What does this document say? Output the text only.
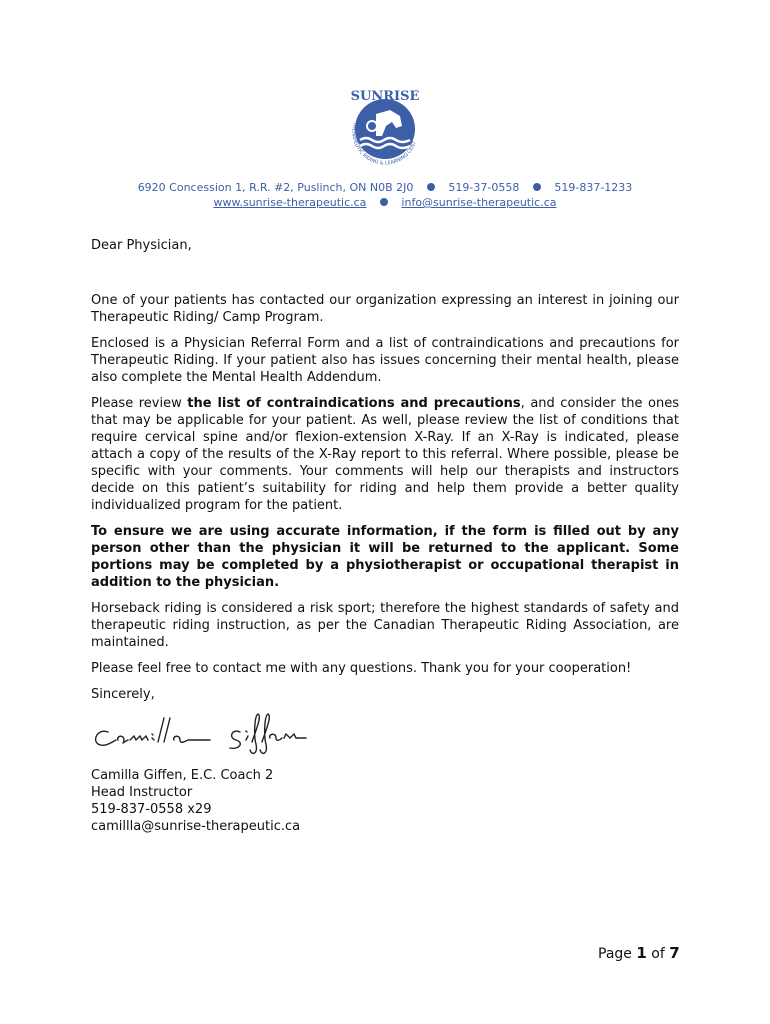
SUNRISE
THERAPEUTIC RIDING & LEARNING CENT
6920 Concession 1, R.R. #2, Puslinch, ON N0B 2J0	519-37-0558	519-837-1233
www.sunrise-therapeutic.ca	info@sunrise-therapeutic.ca
Dear Physician,

One of your patients has contacted our organization expressing an interest in joining our Therapeutic Riding/ Camp Program.

Enclosed is a Physician Referral Form and a list of contraindications and precautions for Therapeutic Riding. If your patient also has issues concerning their mental health, please also complete the Mental Health Addendum.

Please review the list of contraindications and precautions, and consider the ones that may be applicable for your patient. As well, please review the list of conditions that require cervical spine and/or flexion-extension X-Ray. If an X-Ray is indicated, please attach a copy of the results of the X-Ray report to this referral. Where possible, please be specific with your comments. Your comments will help our therapists and instructors decide on this patient’s suitability for riding and help them provide a better quality individualized program for the patient.

To ensure we are using accurate information, if the form is filled out by any person other than the physician it will be returned to the applicant. Some portions may be completed by a physiotherapist or occupational therapist in addition to the physician.

Horseback riding is considered a risk sport; therefore the highest standards of safety and therapeutic riding instruction, as per the Canadian Therapeutic Riding Association, are maintained.

Please feel free to contact me with any questions. Thank you for your cooperation!

Sincerely,

Camilla Giffen, E.C. Coach 2
Head Instructor
519-837-0558 x29
camillla@sunrise-therapeutic.ca
Page 1 of 7
